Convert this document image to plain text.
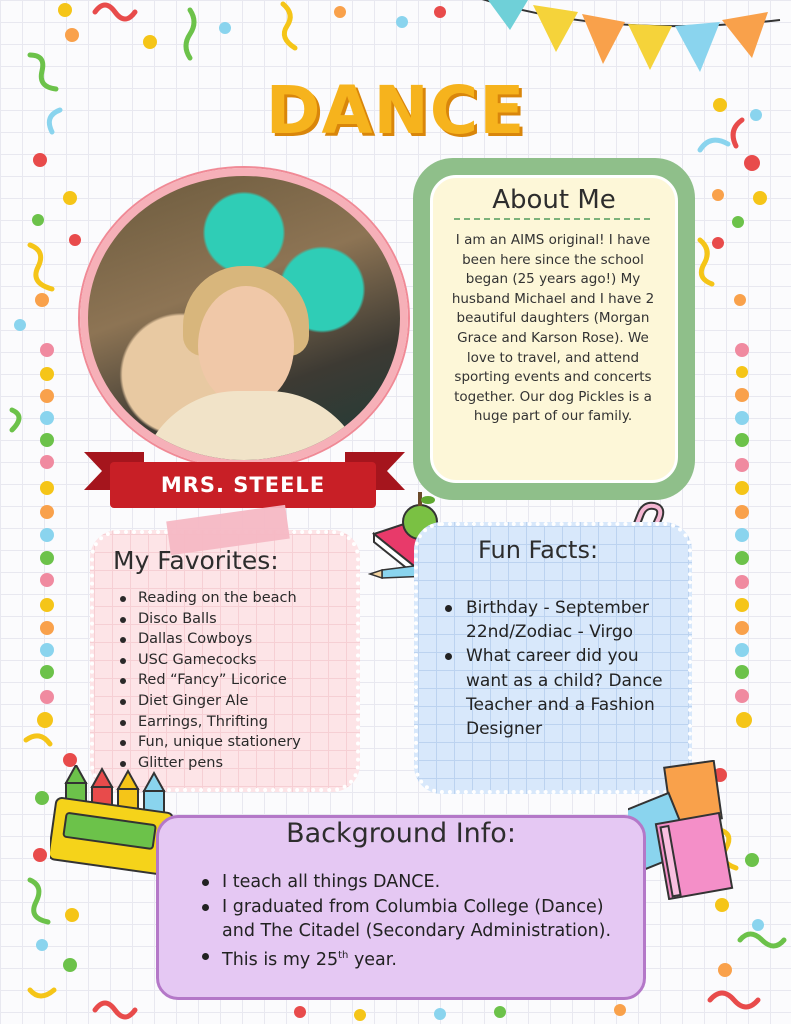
DANCE
MRS. STEELE
About Me
I am an AIMS original! I have been here since the school began (25 years ago!) My husband Michael and I have 2 beautiful daughters (Morgan Grace and Karson Rose). We love to travel, and attend sporting events and concerts together. Our dog Pickles is a huge part of our family.
My Favorites:
Reading on the beach
Disco Balls
Dallas Cowboys
USC Gamecocks
Red “Fancy” Licorice
Diet Ginger Ale
Earrings, Thrifting
Fun, unique stationery
Glitter pens
Fun Facts:
Birthday - September 22nd/Zodiac - Virgo
What career did you want as a child? Dance Teacher and a Fashion Designer
Background Info:
I teach all things DANCE.
I graduated from Columbia College (Dance) and The Citadel (Secondary Administration).
This is my 25th year.
